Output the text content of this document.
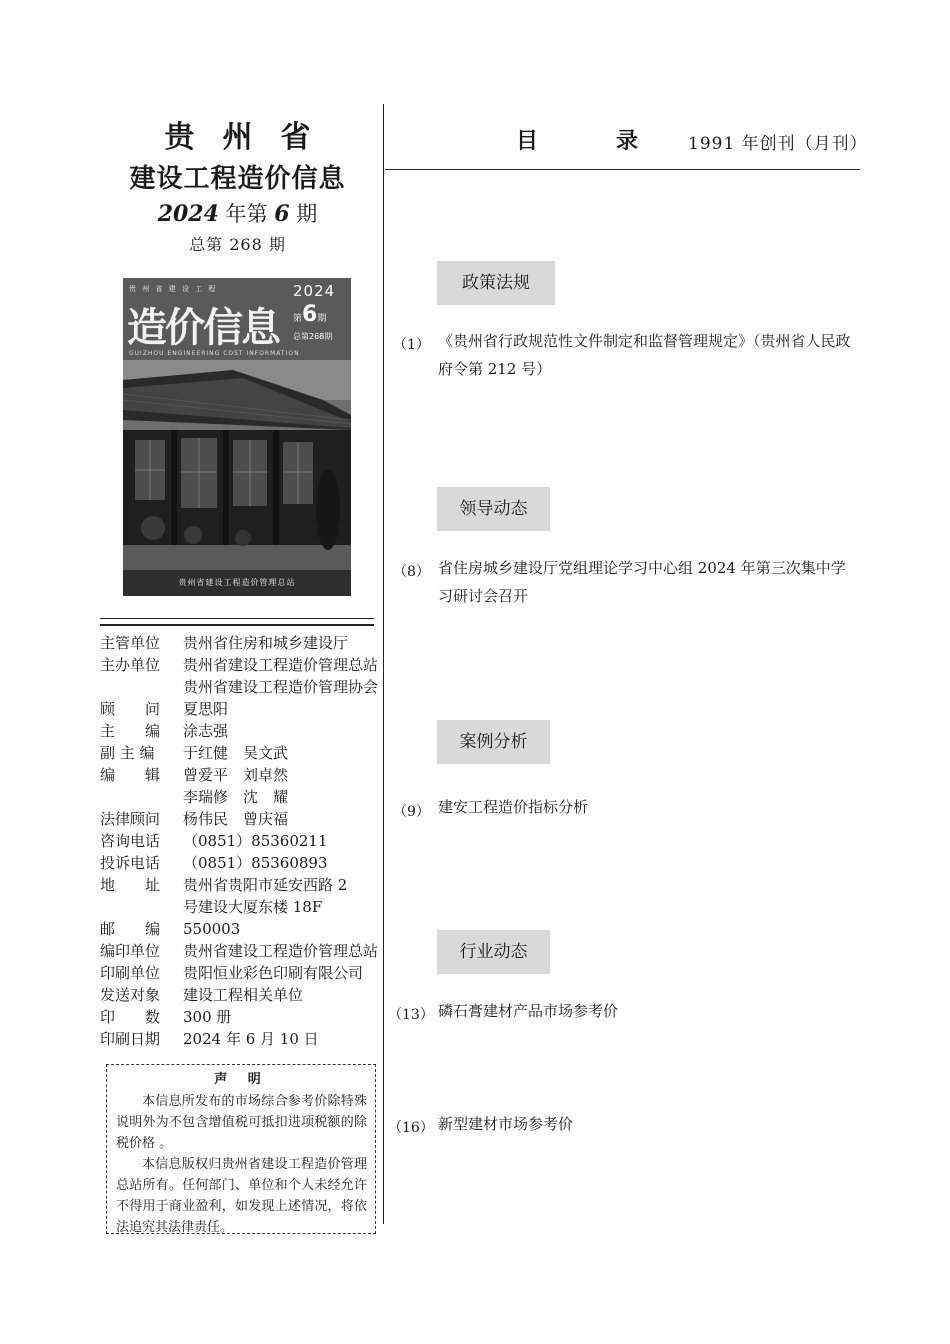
贵州省
建设工程造价信息
2024 年第 6 期
总第 268 期
贵 州 省 建 设 工 程
造价信息
GUIZHOU ENGINEERING COST INFORMATION
2024
第6期
总第268期
贵州省建设工程造价管理总站
主管单位	贵州省住房和城乡建设厅
主办单位	贵州省建设工程造价管理总站
贵州省建设工程造价管理协会
顾　　问	夏思阳
主　　编	涂志强
副 主 编	于红健　吴文武
编　　辑	曾爱平　刘卓然
李瑞修　沈　耀
法律顾问	杨伟民　曾庆福
咨询电话	（0851）85360211
投诉电话	（0851）85360893
地　　址	贵州省贵阳市延安西路 2
号建设大厦东楼 18F
邮　　编	550003
编印单位	贵州省建设工程造价管理总站
印刷单位	贵阳恒业彩色印刷有限公司
发送对象	建设工程相关单位
印　　数	300 册
印刷日期	2024 年 6 月 10 日
声 明
本信息所发布的市场综合参考价除特殊说明外为不包含增值税可抵扣进项税额的除税价格 。
本信息版权归贵州省建设工程造价管理总站所有。任何部门、单位和个人未经允许不得用于商业盈利，如发现上述情况，将依法追究其法律责任。
目	录	1991 年创刊（月刊）
政策法规
（1） 《贵州省行政规范性文件制定和监督管理规定》（贵州省人民政府令第 212 号）
领导动态
（8） 省住房城乡建设厅党组理论学习中心组 2024 年第三次集中学习研讨会召开
案例分析
（9） 建安工程造价指标分析
行业动态
（13） 磷石膏建材产品市场参考价
（16） 新型建材市场参考价
